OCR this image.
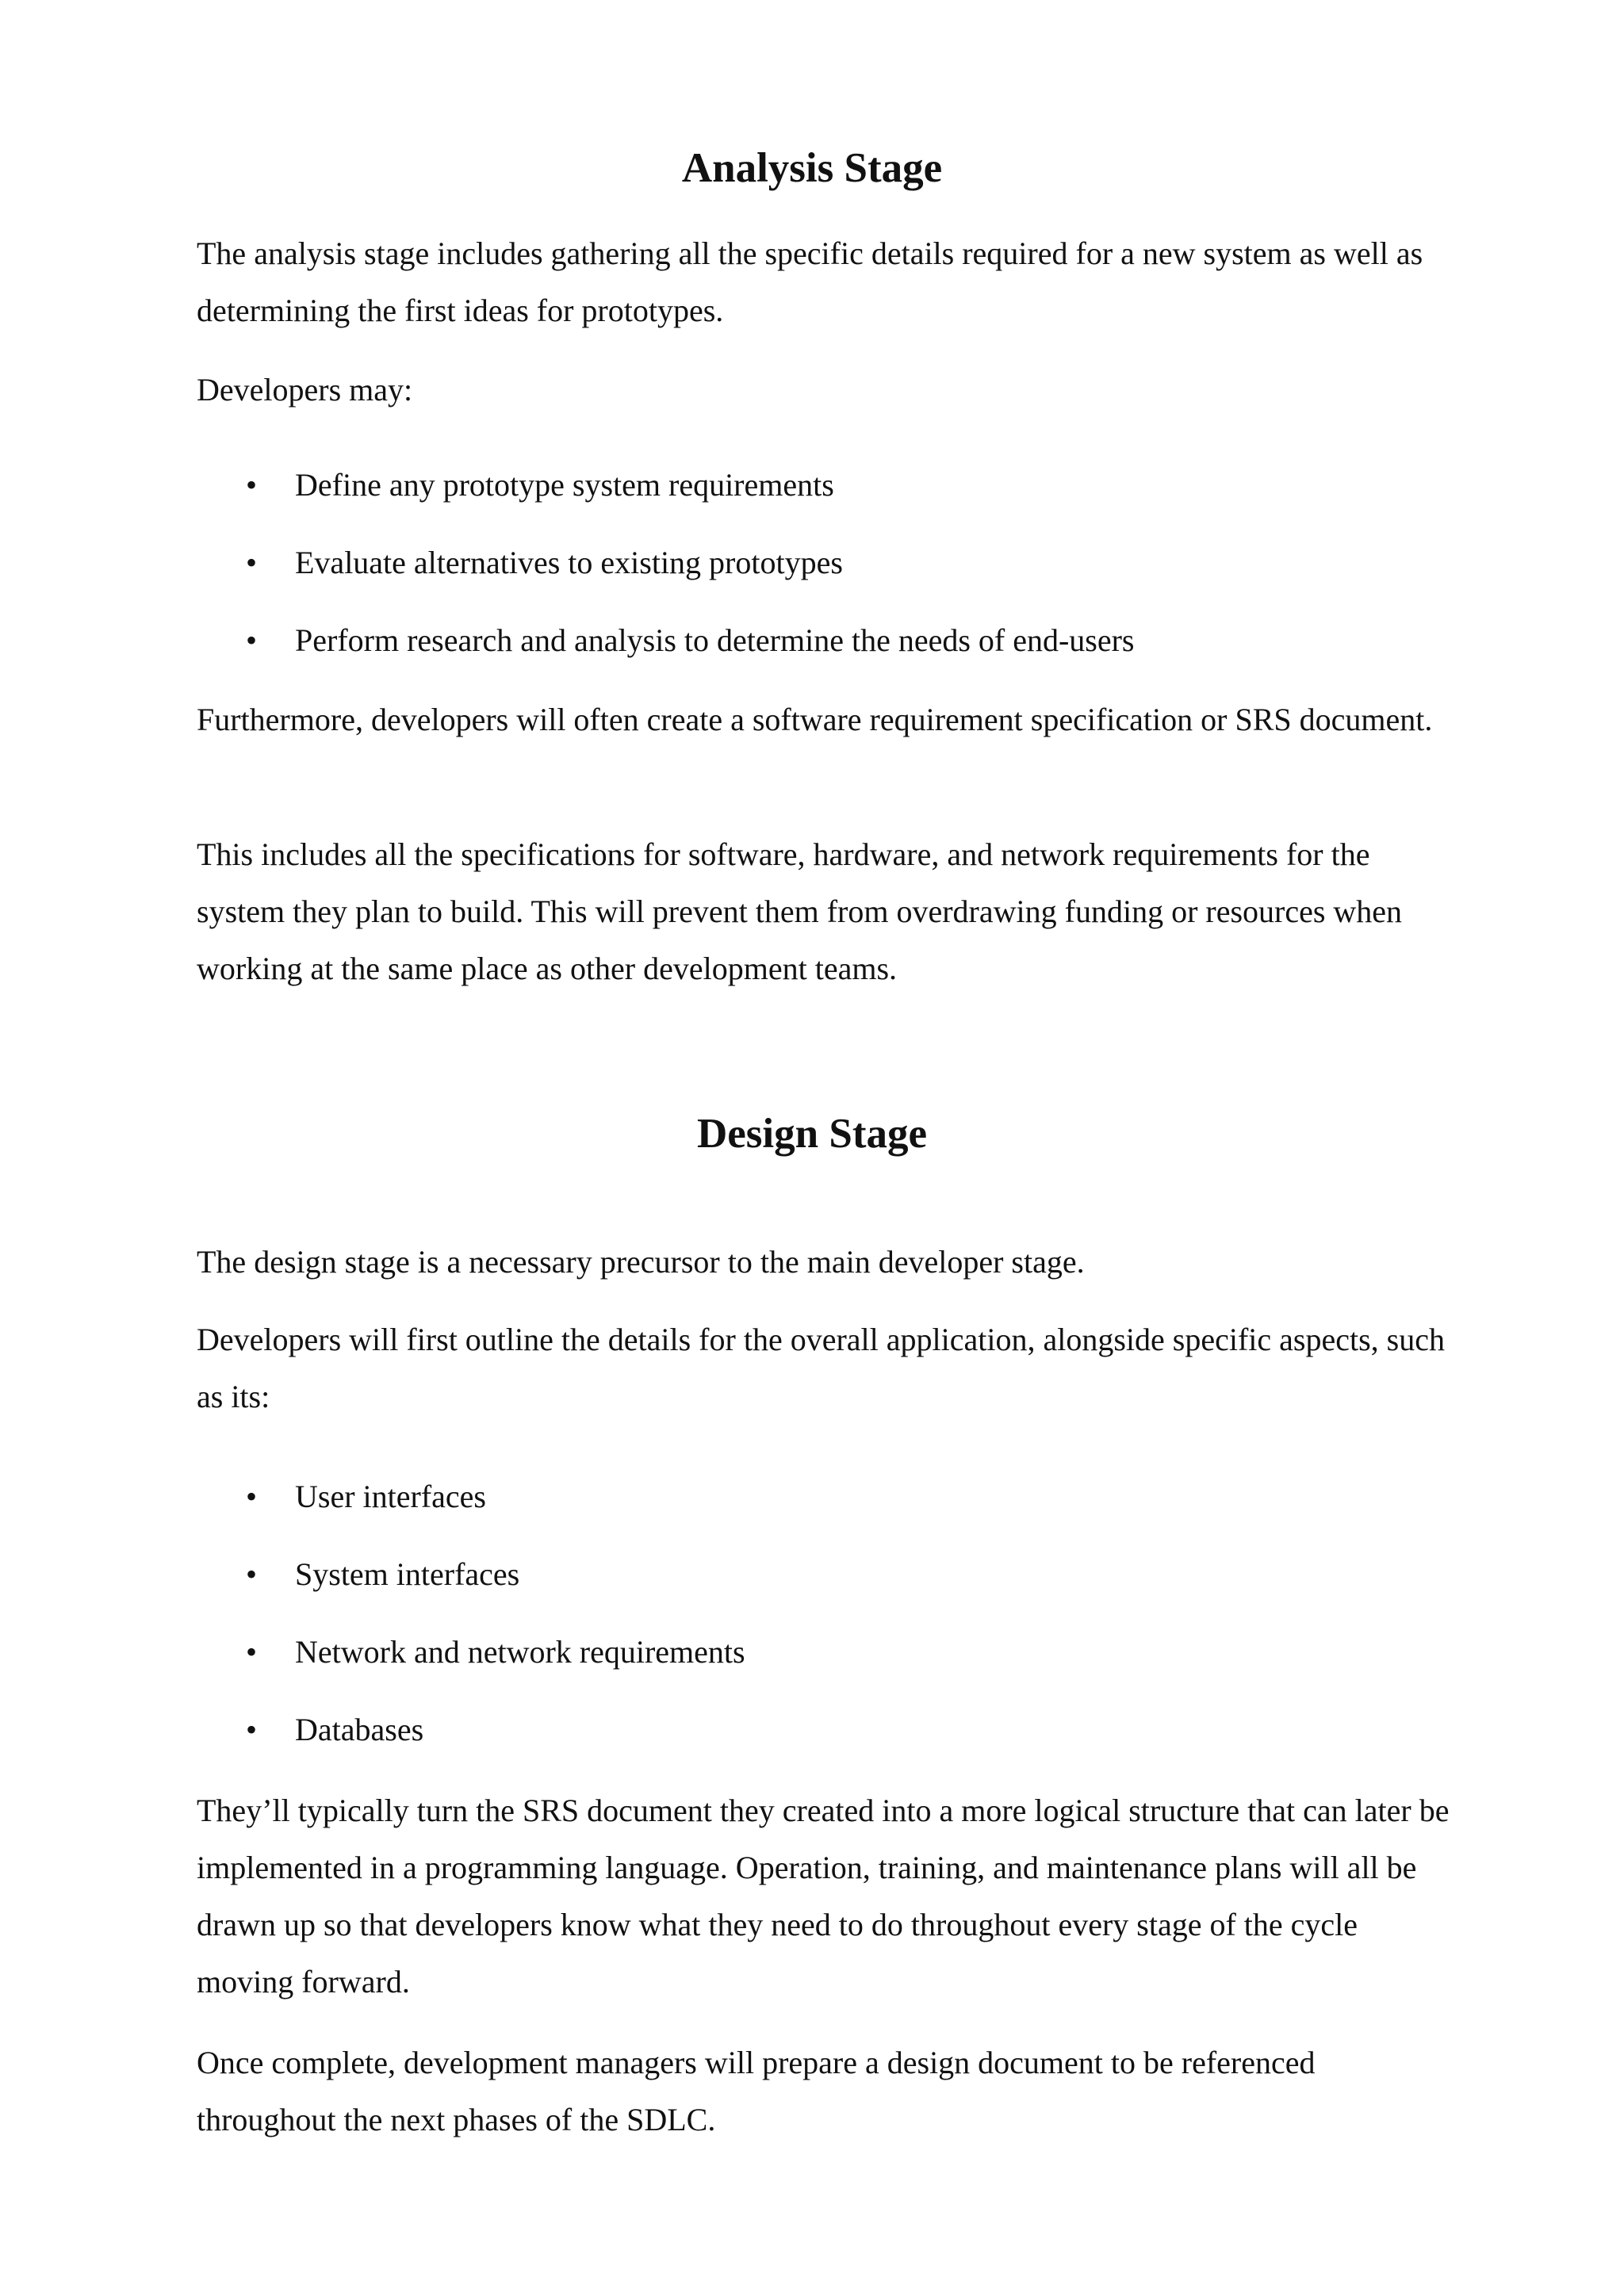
Analysis Stage

The analysis stage includes gathering all the specific details required for a new system as well as determining the first ideas for prototypes.

Developers may:

• Define any prototype system requirements
• Evaluate alternatives to existing prototypes
• Perform research and analysis to determine the needs of end-users

Furthermore, developers will often create a software requirement specification or SRS document.

This includes all the specifications for software, hardware, and network requirements for the system they plan to build. This will prevent them from overdrawing funding or resources when working at the same place as other development teams.

Design Stage

The design stage is a necessary precursor to the main developer stage.

Developers will first outline the details for the overall application, alongside specific aspects, such as its:

• User interfaces
• System interfaces
• Network and network requirements
• Databases

They’ll typically turn the SRS document they created into a more logical structure that can later be implemented in a programming language. Operation, training, and maintenance plans will all be drawn up so that developers know what they need to do throughout every stage of the cycle moving forward.

Once complete, development managers will prepare a design document to be referenced throughout the next phases of the SDLC.
